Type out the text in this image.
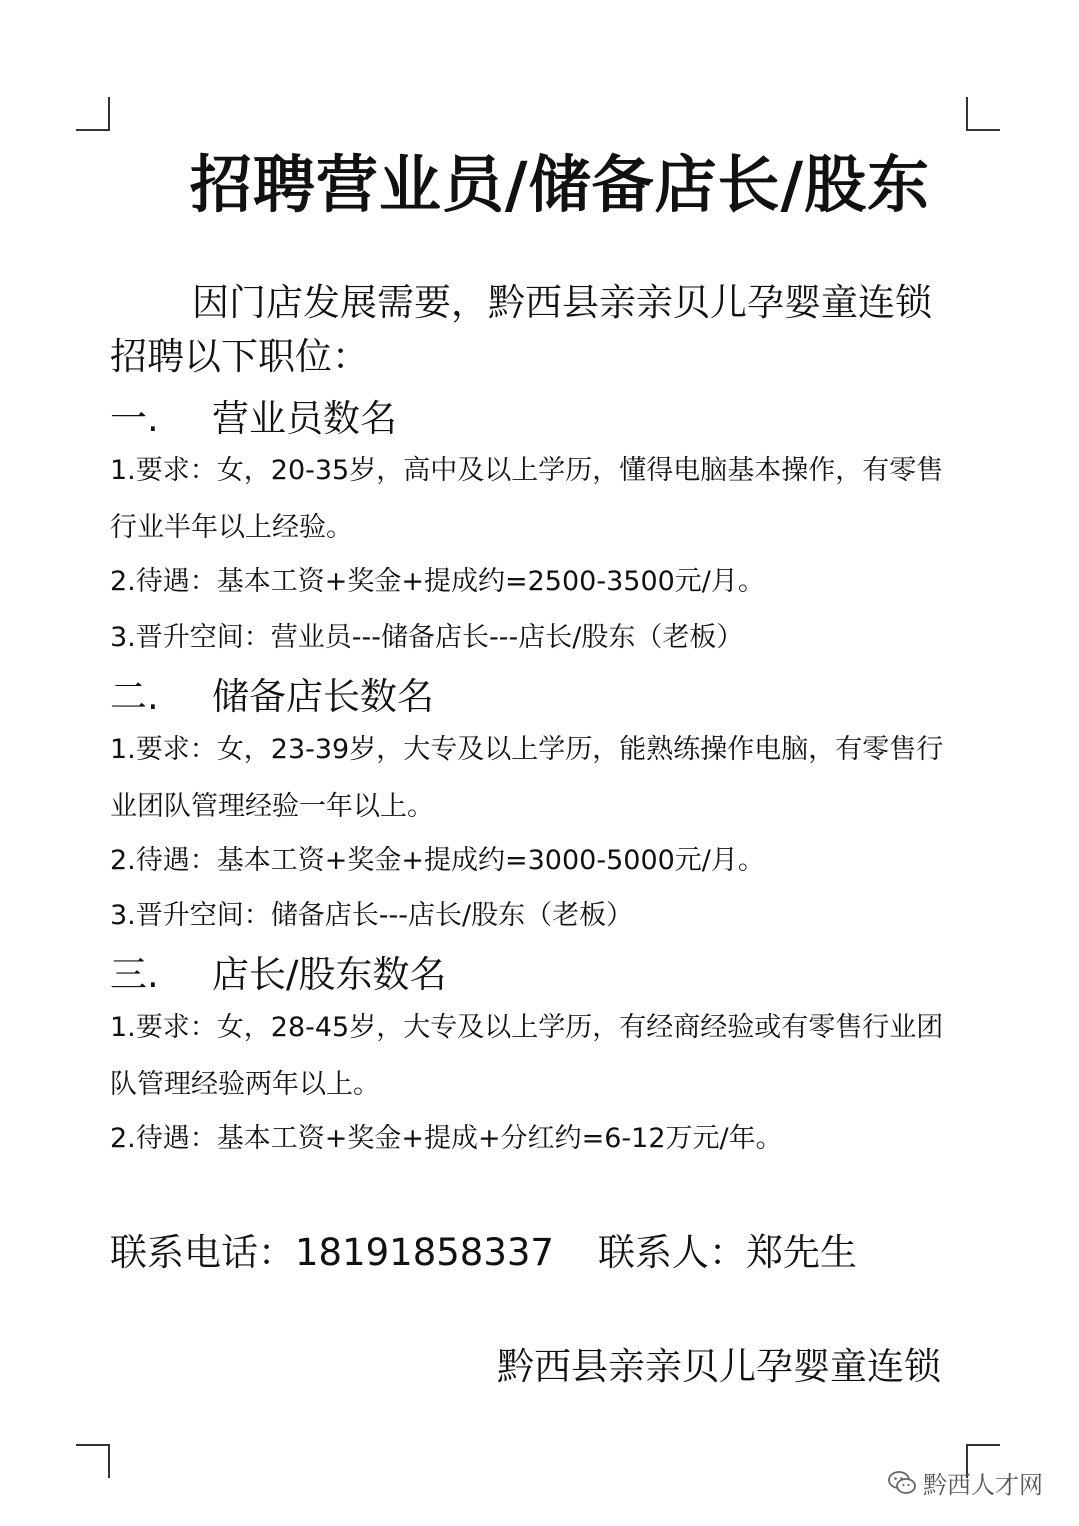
招聘营业员/储备店长/股东
因门店发展需要，黔西县亲亲贝儿孕婴童连锁招聘以下职位：
一. 营业员数名
1.要求：女，20-35岁，高中及以上学历，懂得电脑基本操作，有零售行业半年以上经验。
2.待遇：基本工资+奖金+提成约=2500-3500元/月。
3.晋升空间：营业员---储备店长---店长/股东（老板）
二. 储备店长数名
1.要求：女，23-39岁，大专及以上学历，能熟练操作电脑，有零售行业团队管理经验一年以上。
2.待遇：基本工资+奖金+提成约=3000-5000元/月。
3.晋升空间：储备店长---店长/股东（老板）
三. 店长/股东数名
1.要求：女，28-45岁，大专及以上学历，有经商经验或有零售行业团队管理经验两年以上。
2.待遇：基本工资+奖金+提成+分红约=6-12万元/年。
联系电话：18191858337 联系人：郑先生
黔西县亲亲贝儿孕婴童连锁
黔西人才网
